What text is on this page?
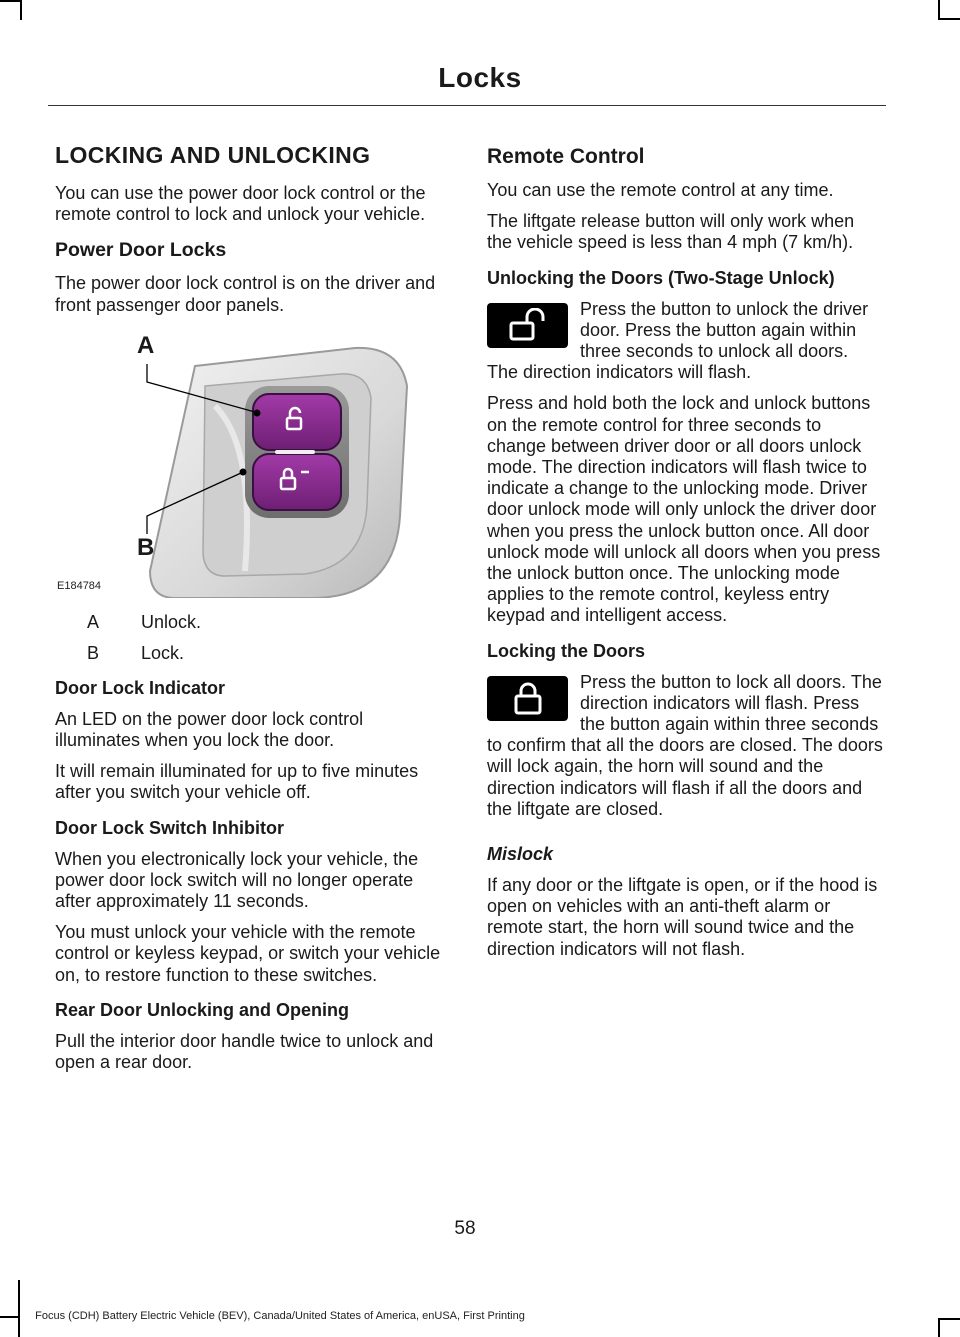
Locks
LOCKING AND UNLOCKING

You can use the power door lock control or the remote control to lock and unlock your vehicle.

Power Door Locks

The power door lock control is on the driver and front passenger door panels.

A
B
E184784
A	Unlock.
B	Lock.
Door Lock Indicator

An LED on the power door lock control illuminates when you lock the door.

It will remain illuminated for up to five minutes after you switch your vehicle off.

Door Lock Switch Inhibitor

When you electronically lock your vehicle, the power door lock switch will no longer operate after approximately 11 seconds.

You must unlock your vehicle with the remote control or keyless keypad, or switch your vehicle on, to restore function to these switches.

Rear Door Unlocking and Opening

Pull the interior door handle twice to unlock and open a rear door.

Remote Control

You can use the remote control at any time.

The liftgate release button will only work when the vehicle speed is less than 4 mph (7 km/h).

Unlocking the Doors (Two-Stage Unlock)

Press the button to unlock the driver door. Press the button again within three seconds to unlock all doors. The direction indicators will flash.

Press and hold both the lock and unlock buttons on the remote control for three seconds to change between driver door or all doors unlock mode. The direction indicators will flash twice to indicate a change to the unlocking mode. Driver door unlock mode will only unlock the driver door when you press the unlock button once. All door unlock mode will unlock all doors when you press the unlock button once. The unlocking mode applies to the remote control, keyless entry keypad and intelligent access.

Locking the Doors

Press the button to lock all doors. The direction indicators will flash. Press the button again within three seconds to confirm that all the doors are closed. The doors will lock again, the horn will sound and the direction indicators will flash if all the doors and the liftgate are closed.

Mislock

If any door or the liftgate is open, or if the hood is open on vehicles with an anti-theft alarm or remote start, the horn will sound twice and the direction indicators will not flash.

58
Focus (CDH) Battery Electric Vehicle (BEV), Canada/United States of America, enUSA, First Printing
